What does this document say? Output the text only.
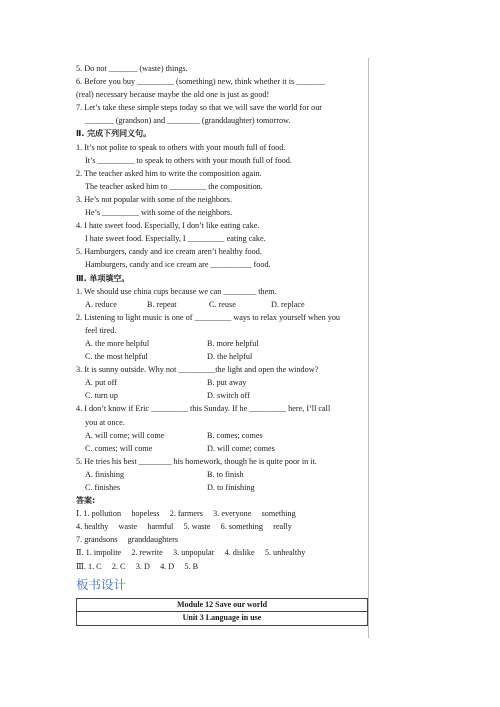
5. Do not _______ (waste) things.
6. Before you buy _________ (something) new, think whether it is _______
(real) necessary because maybe the old one is just as good!
7. Let’s take these simple steps today so that we will save the world for our
_______ (grandson) and ________ (granddaughter) tomorrow.
Ⅱ. 完成下列同义句。
1. It’s not polite to speak to others with your mouth full of food.
It’s _________ to speak to others with your mouth full of food.
2. The teacher asked him to write the composition again.
The teacher asked him to _________ the composition.
3. He’s not popular with some of the neighbors.
He’s _________ with some of the neighbors.
4. I hate sweet food. Especially, I don’t like eating cake.
I hate sweet food. Especially, I _________ eating cake.
5. Hamburgers, candy and ice cream aren’t healthy food.
Hamburgers, candy and ice cream are __________ food.
Ⅲ. 单项填空。
1. We should use china cups because we can ________ them.
A. reduce	B. repeat	C. reuse	D. replace
2. Listening to light music is one of _________ ways to relax yourself when you
feel tired.
A. the more helpful	B. more helpful
C. the most helpful	D. the helpful
3. It is sunny outside. Why not _________the light and open the window?
A. put off	B. put away
C. turn up	D. switch off
4. I don’t know if Eric _________ this Sunday. If he _________ here, I’ll call
you at once.
A. will come; will come	B. comes; comes
C. comes; will come	D. will come; comes
5. He tries his best ________ his homework, though he is quite poor in it.
A. finishing	B. to finish
C. finishes	D. to finishing
答案:
Ⅰ. 1. pollution     hopeless     2. farmers     3. everyone     something
4. healthy     waste     harmful     5. waste     6. something     really
7. grandsons     granddaughters
Ⅱ. 1. impolite     2. rewrite     3. unpopular     4. dislike     5. unhealthy
Ⅲ. 1. C     2. C     3. D     4. D     5. B
板书设计
Module 12 Save our world
Unit 3 Language in use
